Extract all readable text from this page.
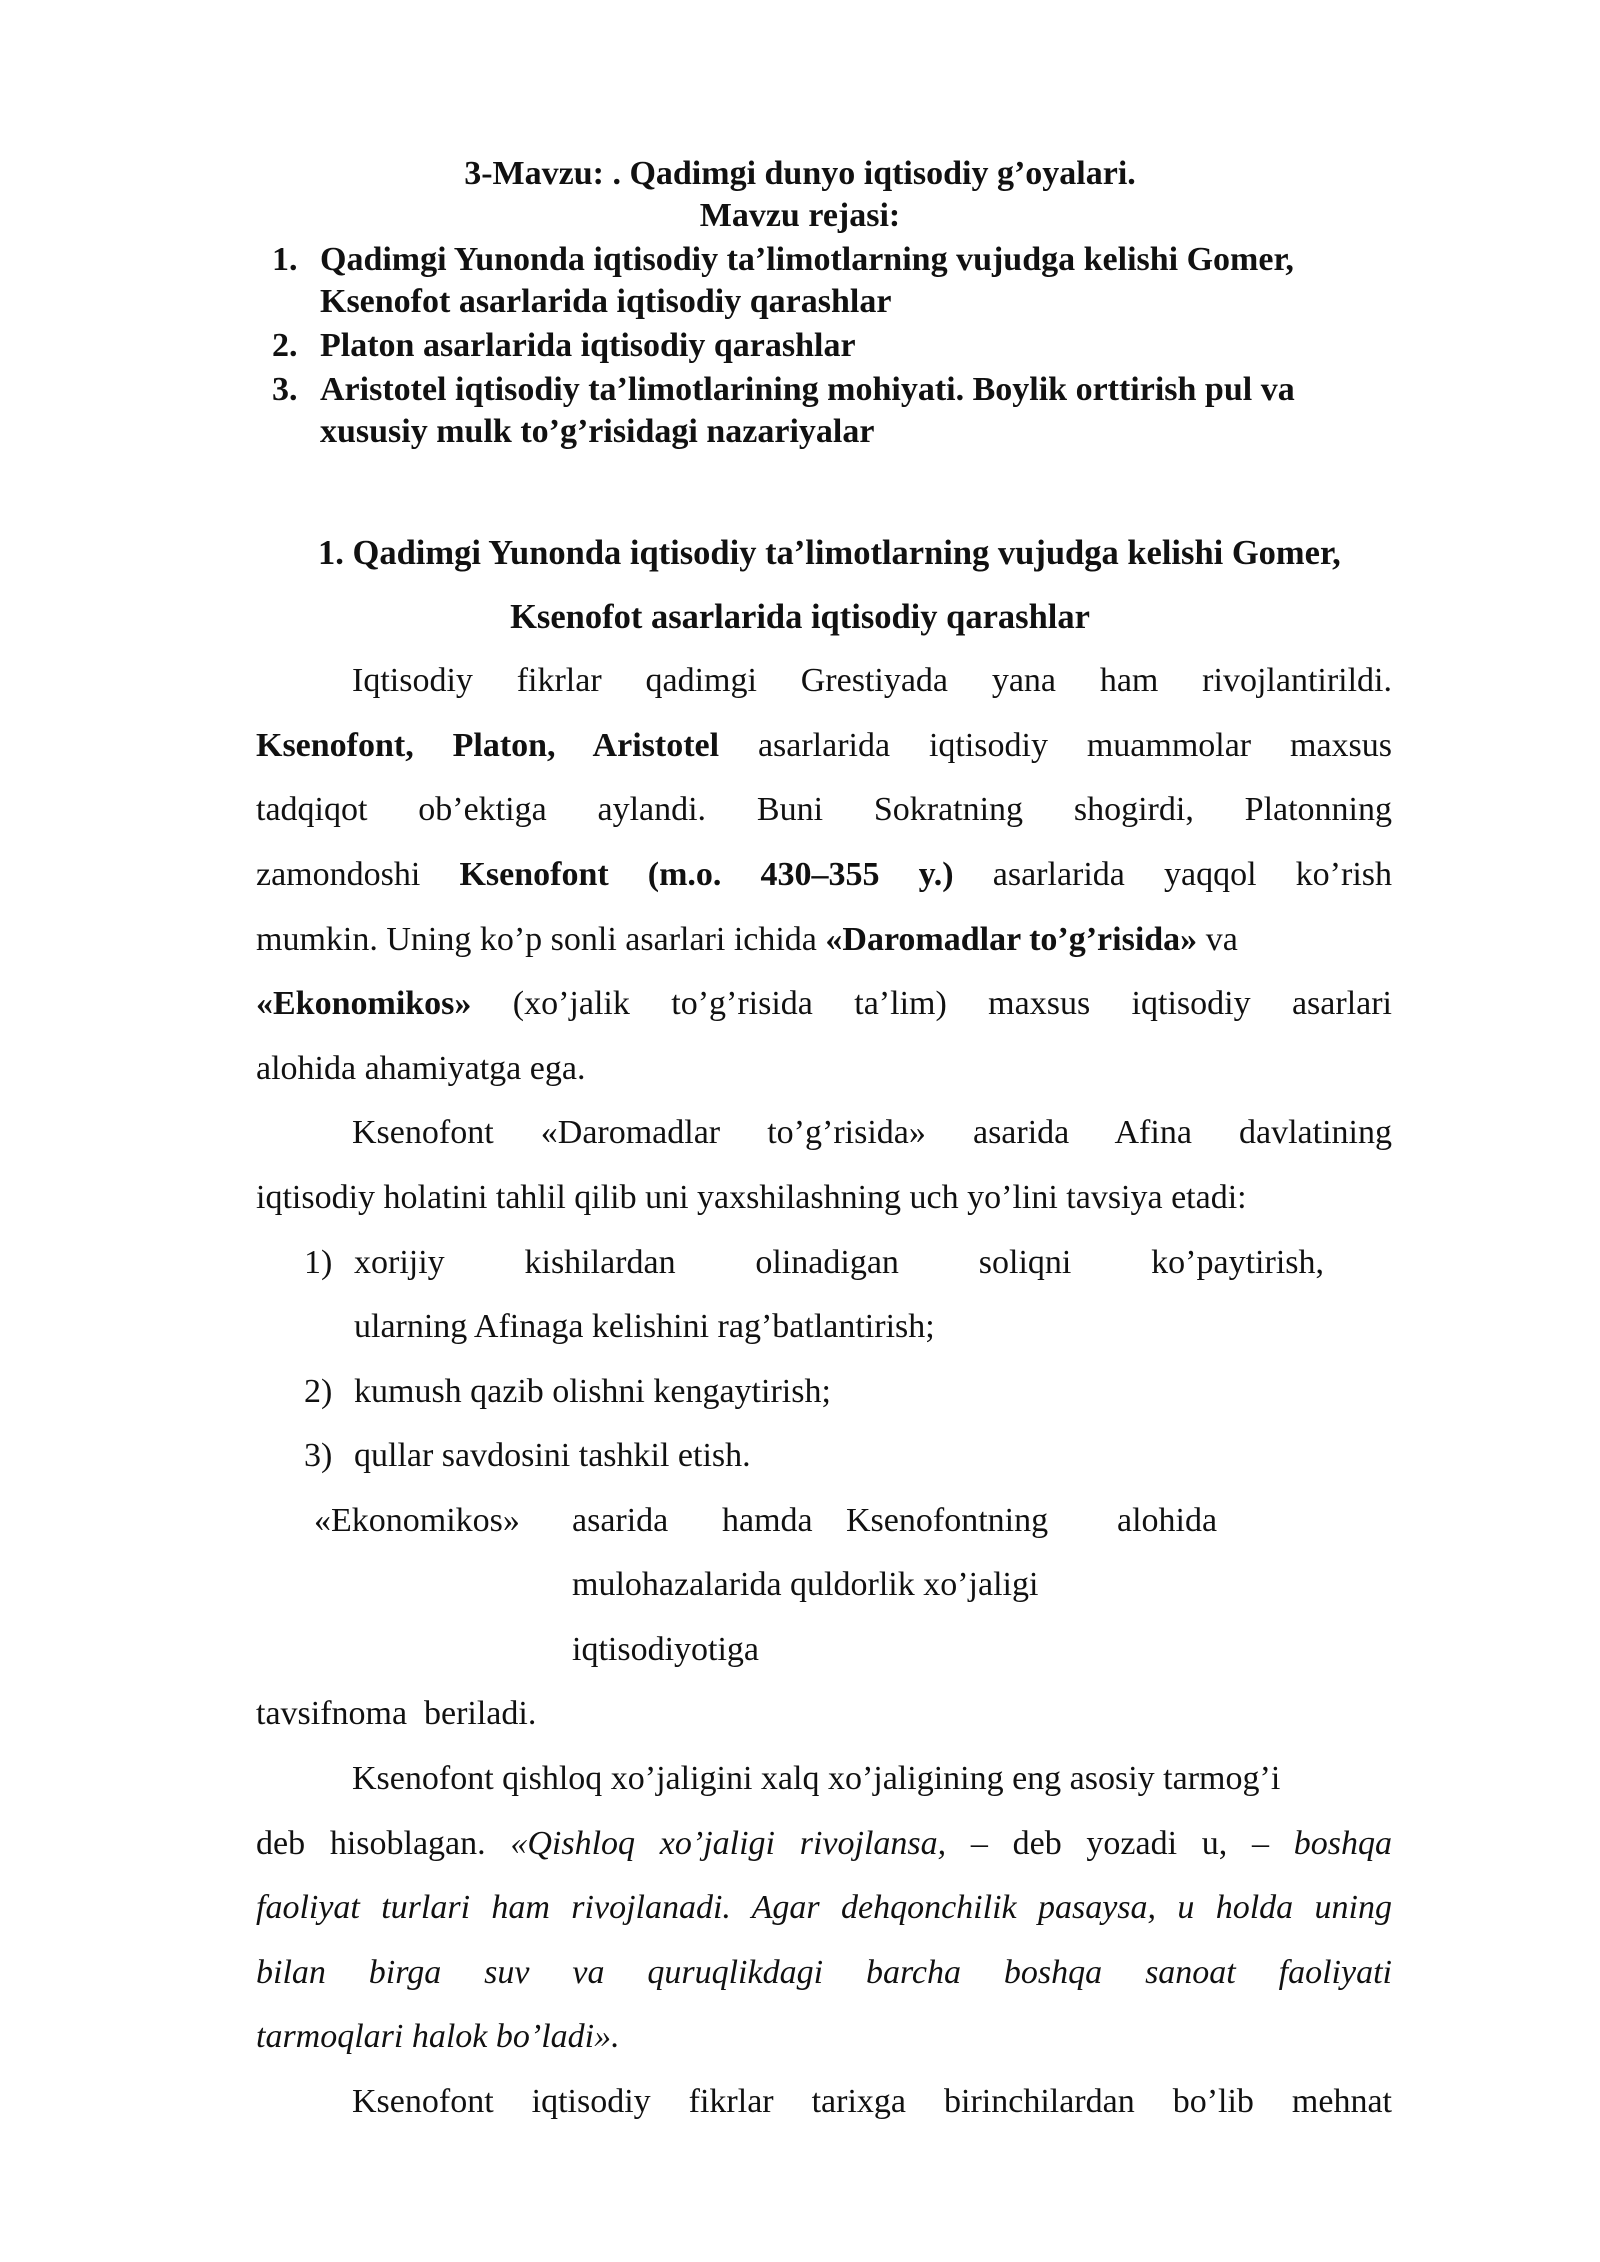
3-Mavzu: . Qadimgi dunyo iqtisodiy g’oyalari.
Mavzu rejasi:
1. Qadimgi Yunonda iqtisodiy ta’limotlarning vujudga kelishi Gomer,
Ksenofot asarlarida iqtisodiy qarashlar
2. Platon asarlarida iqtisodiy qarashlar
3. Aristotel iqtisodiy ta’limotlarining mohiyati. Boylik orttirish pul va
xususiy mulk to’g’risidagi nazariyalar
1. Qadimgi Yunonda iqtisodiy ta’limotlarning vujudga kelishi Gomer,
Ksenofot asarlarida iqtisodiy qarashlar
Iqtisodiy fikrlar qadimgi Grestiyada yana ham rivojlantirildi.
Ksenofont, Platon, Aristotel asarlarida iqtisodiy muammolar maxsus
tadqiqot ob’ektiga aylandi. Buni Sokratning shogirdi, Platonning
zamondoshi Ksenofont (m.o. 430–355 y.) asarlarida yaqqol ko’rish
mumkin. Uning ko’p sonli asarlari ichida «Daromadlar to’g’risida» va
«Ekonomikos» (xo’jalik to’g’risida ta’lim) maxsus iqtisodiy asarlari
alohida ahamiyatga ega.
Ksenofont «Daromadlar to’g’risida» asarida Afina davlatining
iqtisodiy holatini tahlil qilib uni yaxshilashning uch yo’lini tavsiya etadi:
1) xorijiy kishilardan olinadigan soliqni ko’paytirish,
ularning Afinaga kelishini rag’batlantirish;
2) kumush qazib olishni kengaytirish;
3) qullar savdosini tashkil etish.
«Ekonomikos» asarida hamda Ksenofontning alohida
mulohazalarida quldorlik xo’jaligi
iqtisodiyotiga
tavsifnoma beriladi.
Ksenofont qishloq xo’jaligini xalq xo’jaligining eng asosiy tarmog’i
deb hisoblagan. «Qishloq xo’jaligi rivojlansa, – deb yozadi u, – boshqa
faoliyat turlari ham rivojlanadi. Agar dehqonchilik pasaysa, u holda uning
bilan birga suv va quruqlikdagi barcha boshqa sanoat faoliyati
tarmoqlari halok bo’ladi».
Ksenofont iqtisodiy fikrlar tarixga birinchilardan bo’lib mehnat
